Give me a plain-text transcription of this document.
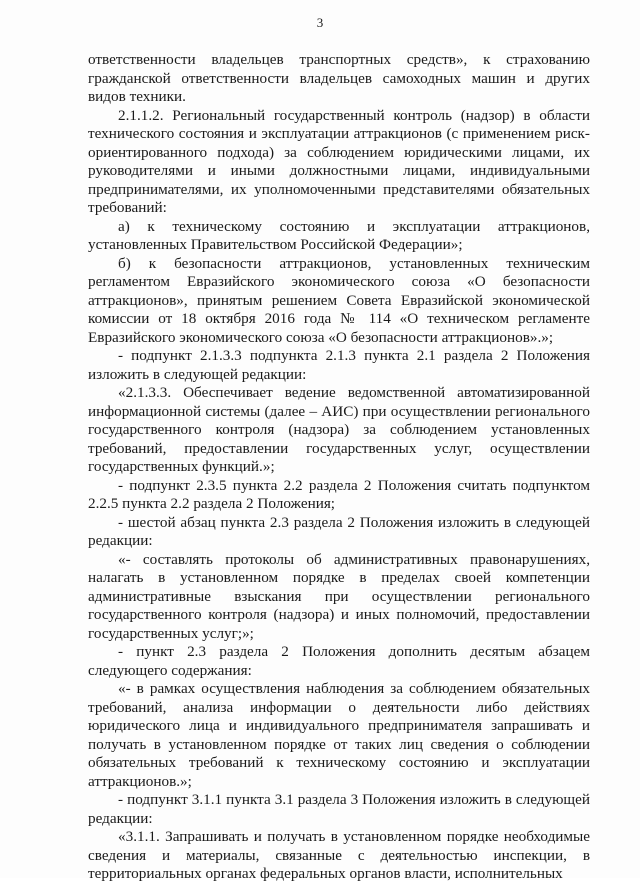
3

ответственности владельцев транспортных средств», к страхованию гражданской ответственности владельцев самоходных машин и других видов техники.

2.1.1.2. Региональный государственный контроль (надзор) в области технического состояния и эксплуатации аттракционов (с применением риск-ориентированного подхода) за соблюдением юридическими лицами, их руководителями и иными должностными лицами, индивидуальными предпринимателями, их уполномоченными представителями обязательных требований:

а) к техническому состоянию и эксплуатации аттракционов, установленных Правительством Российской Федерации»;

б) к безопасности аттракционов, установленных техническим регламентом Евразийского экономического союза «О безопасности аттракционов», принятым решением Совета Евразийской экономической комиссии от 18 октября 2016 года № 114 «О техническом регламенте Евразийского экономического союза «О безопасности аттракционов».»;

- подпункт 2.1.3.3 подпункта 2.1.3 пункта 2.1 раздела 2 Положения изложить в следующей редакции:

«2.1.3.3. Обеспечивает ведение ведомственной автоматизированной информационной системы (далее – АИС) при осуществлении регионального государственного контроля (надзора) за соблюдением установленных требований, предоставлении государственных услуг, осуществлении государственных функций.»;

- подпункт 2.3.5 пункта 2.2 раздела 2 Положения считать подпунктом 2.2.5 пункта 2.2 раздела 2 Положения;

- шестой абзац пункта 2.3 раздела 2 Положения изложить в следующей редакции:

«- составлять протоколы об административных правонарушениях, налагать в установленном порядке в пределах своей компетенции административные взыскания при осуществлении регионального государственного контроля (надзора) и иных полномочий, предоставлении государственных услуг;»;

- пункт 2.3 раздела 2 Положения дополнить десятым абзацем следующего содержания:

«- в рамках осуществления наблюдения за соблюдением обязательных требований, анализа информации о деятельности либо действиях юридического лица и индивидуального предпринимателя запрашивать и получать в установленном порядке от таких лиц сведения о соблюдении обязательных требований к техническому состоянию и эксплуатации аттракционов.»;

- подпункт 3.1.1 пункта 3.1 раздела 3 Положения изложить в следующей редакции:

«3.1.1. Запрашивать и получать в установленном порядке необходимые сведения и материалы, связанные с деятельностью инспекции, в территориальных органах федеральных органов власти, исполнительных
